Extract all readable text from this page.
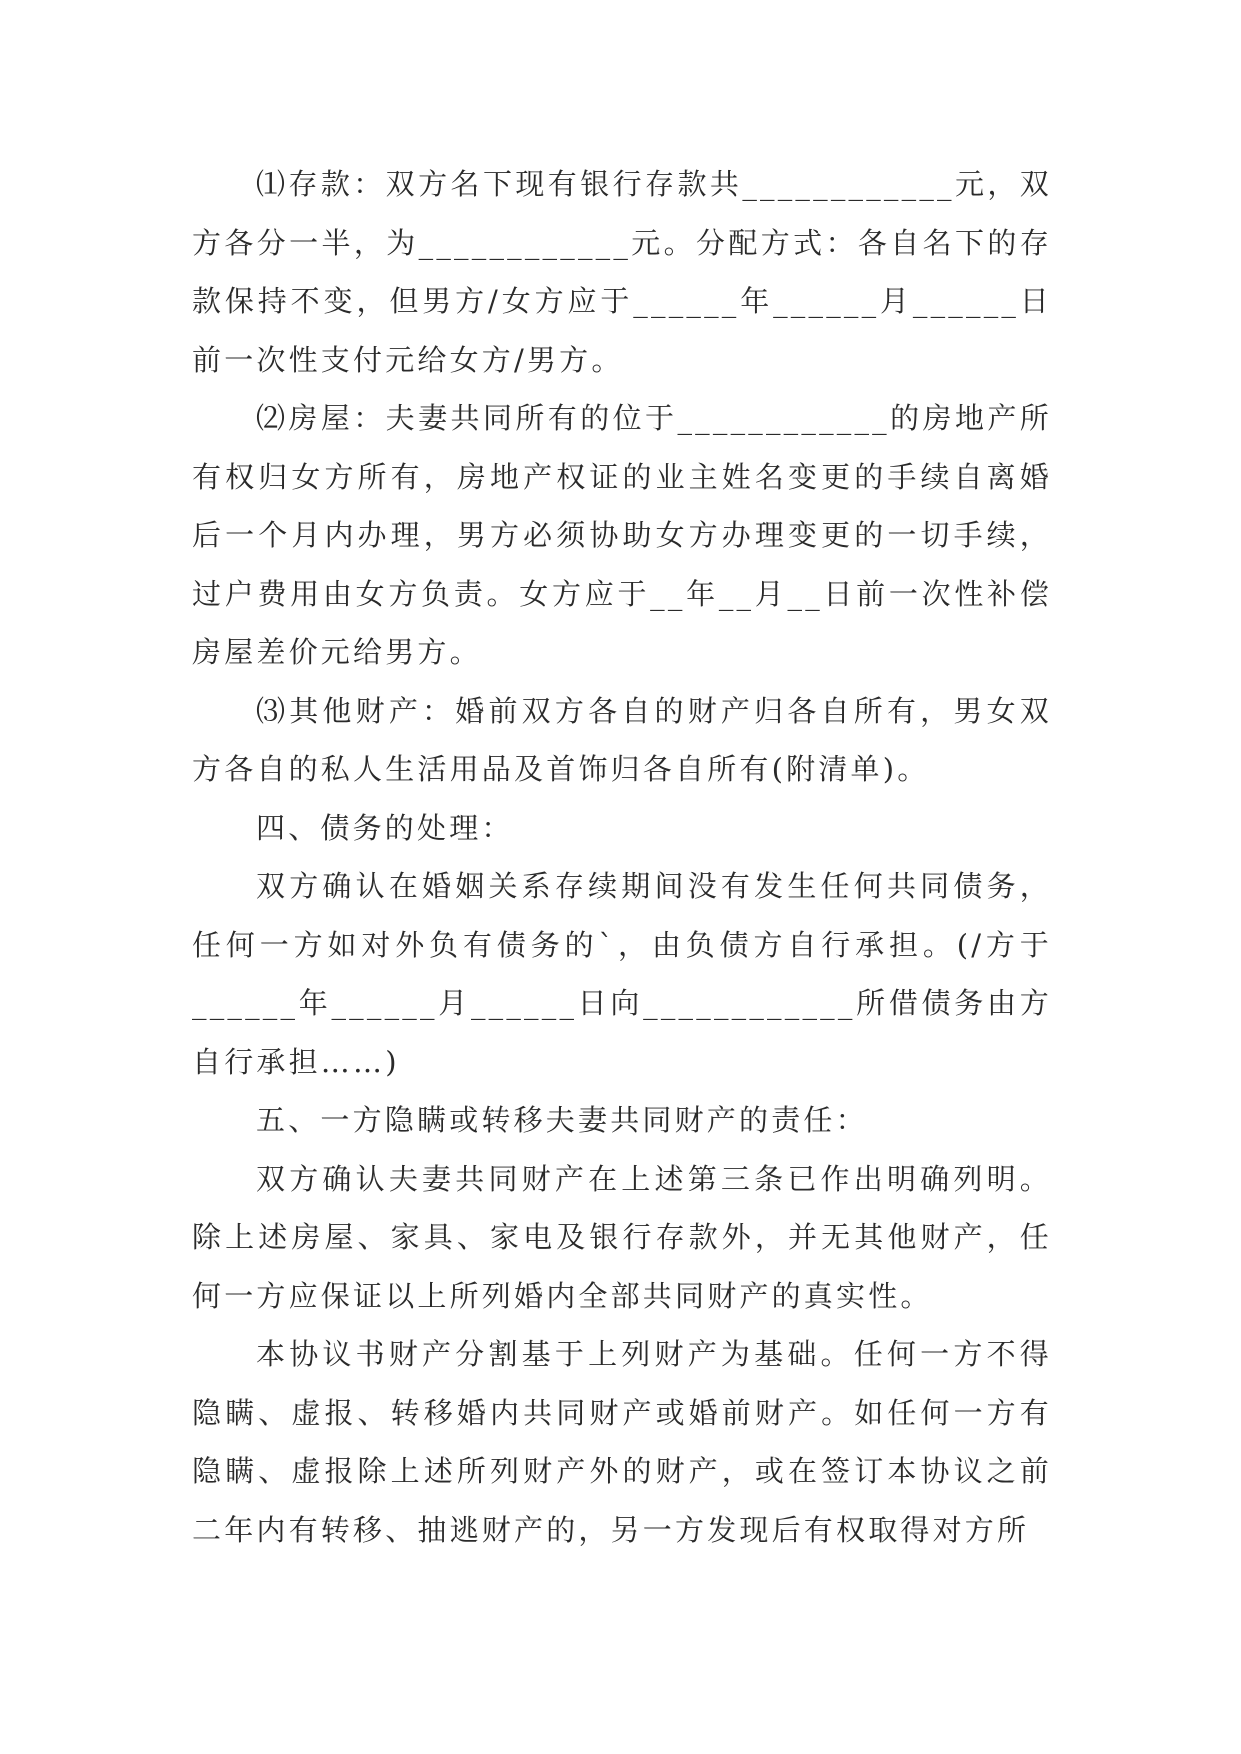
⑴存款：双方名下现有银行存款共____________元，双方各分一半，为____________元。分配方式：各自名下的存款保持不变，但男方/女方应于______年______月______日前一次性支付元给女方/男方。

⑵房屋：夫妻共同所有的位于____________的房地产所有权归女方所有，房地产权证的业主姓名变更的手续自离婚后一个月内办理，男方必须协助女方办理变更的一切手续，过户费用由女方负责。女方应于__年__月__日前一次性补偿房屋差价元给男方。

⑶其他财产：婚前双方各自的财产归各自所有，男女双方各自的私人生活用品及首饰归各自所有(附清单)。

四、债务的处理：

双方确认在婚姻关系存续期间没有发生任何共同债务，任何一方如对外负有债务的`，由负债方自行承担。(/方于______年______月______日向____________所借债务由方自行承担……)

五、一方隐瞒或转移夫妻共同财产的责任：

双方确认夫妻共同财产在上述第三条已作出明确列明。除上述房屋、家具、家电及银行存款外，并无其他财产，任何一方应保证以上所列婚内全部共同财产的真实性。

本协议书财产分割基于上列财产为基础。任何一方不得隐瞒、虚报、转移婚内共同财产或婚前财产。如任何一方有隐瞒、虚报除上述所列财产外的财产，或在签订本协议之前二年内有转移、抽逃财产的，另一方发现后有权取得对方所
